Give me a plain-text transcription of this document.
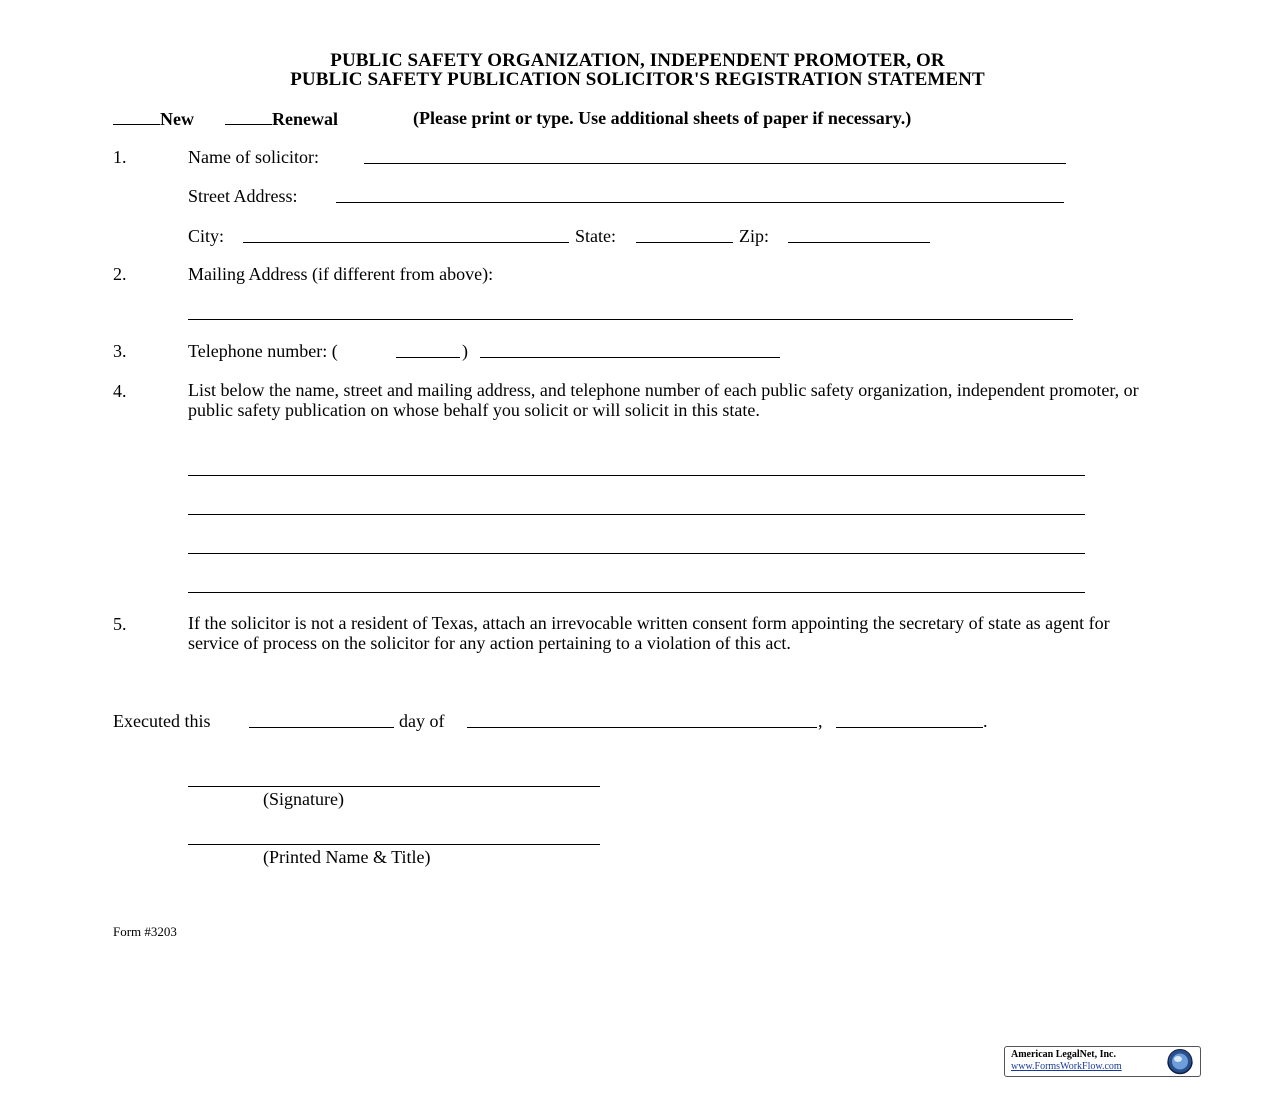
PUBLIC SAFETY ORGANIZATION, INDEPENDENT PROMOTER, OR
PUBLIC SAFETY PUBLICATION SOLICITOR'S REGISTRATION STATEMENT
New	Renewal	(Please print or type. Use additional sheets of paper if necessary.)
1.	Name of solicitor:
Street Address:
City:	State:	Zip:
2.	Mailing Address (if different from above):
3.	Telephone number: (	)
4.	List below the name, street and mailing address, and telephone number of each public safety organization, independent promoter, or public safety publication on whose behalf you solicit or will solicit in this state.
5.	If the solicitor is not a resident of Texas, attach an irrevocable written consent form appointing the secretary of state as agent for service of process on the solicitor for any action pertaining to a violation of this act.
Executed this	day of	,	.
(Signature)
(Printed Name & Title)
Form #3203
American LegalNet, Inc.
www.FormsWorkFlow.com
